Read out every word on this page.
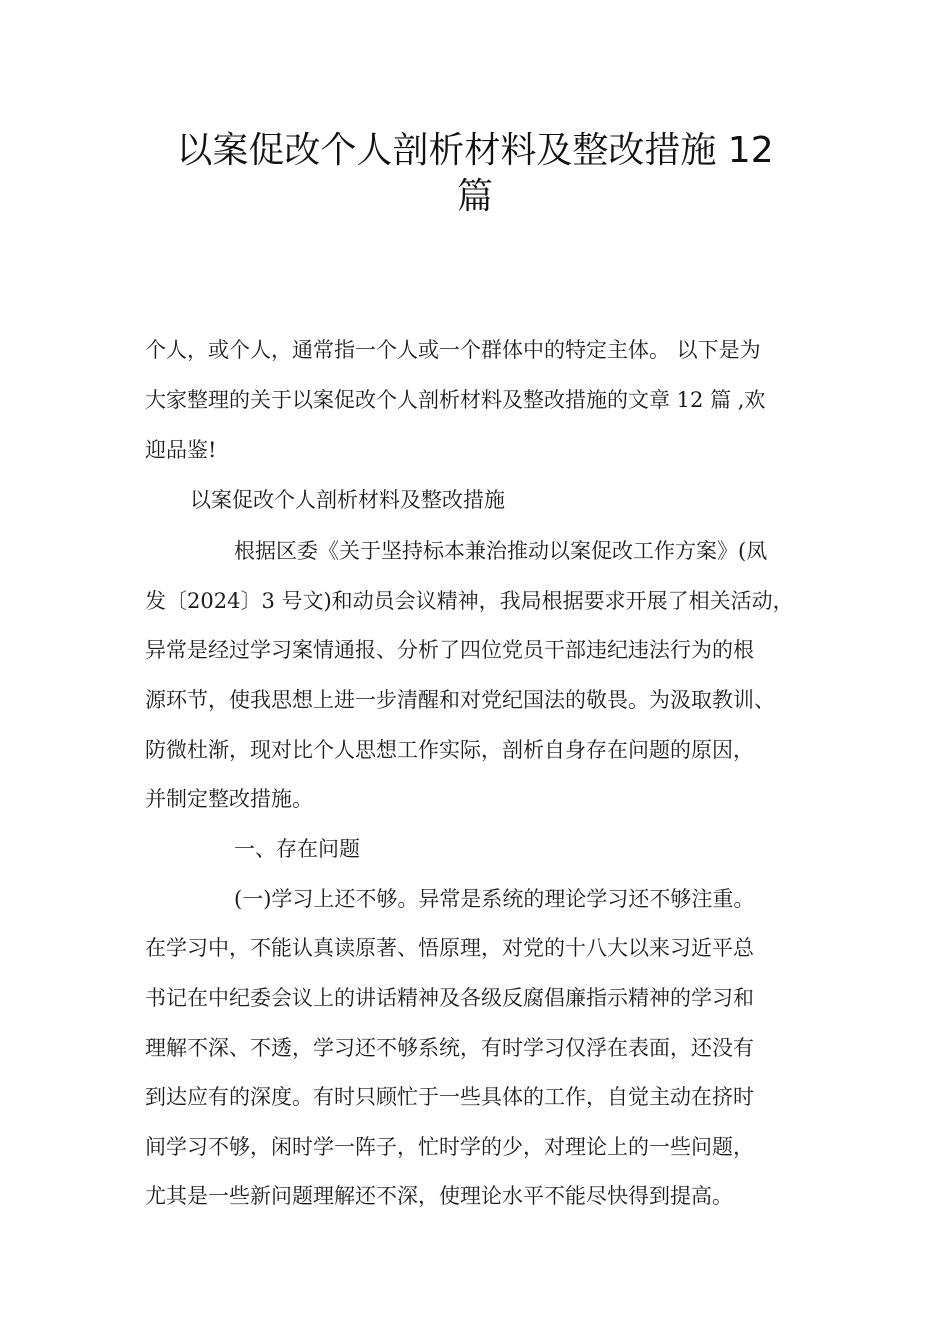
以案促改个人剖析材料及整改措施 12
篇
个人，或个人，通常指一个人或一个群体中的特定主体。 以下是为
大家整理的关于以案促改个人剖析材料及整改措施的文章 12 篇 ,欢
迎品鉴!
以案促改个人剖析材料及整改措施
根据区委《关于坚持标本兼治推动以案促改工作方案》(凤
发〔2024〕3 号文)和动员会议精神，我局根据要求开展了相关活动，
异常是经过学习案情通报、分析了四位党员干部违纪违法行为的根
源环节，使我思想上进一步清醒和对党纪国法的敬畏。为汲取教训、
防微杜渐，现对比个人思想工作实际，剖析自身存在问题的原因，
并制定整改措施。
一、存在问题
(一)学习上还不够。异常是系统的理论学习还不够注重。
在学习中，不能认真读原著、悟原理，对党的十八大以来习近平总
书记在中纪委会议上的讲话精神及各级反腐倡廉指示精神的学习和
理解不深、不透，学习还不够系统，有时学习仅浮在表面，还没有
到达应有的深度。有时只顾忙于一些具体的工作，自觉主动在挤时
间学习不够，闲时学一阵子，忙时学的少，对理论上的一些问题，
尤其是一些新问题理解还不深，使理论水平不能尽快得到提高。
